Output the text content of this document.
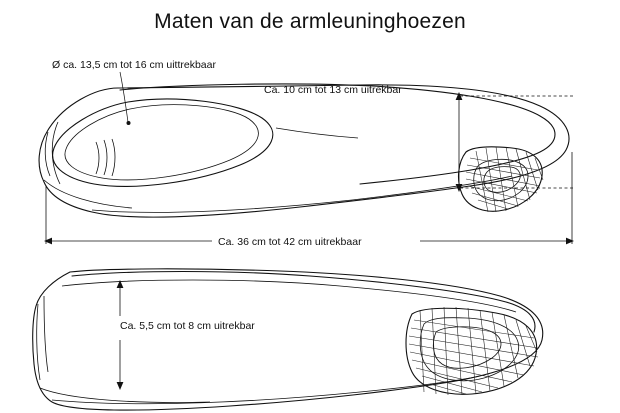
Maten van de armleuninghoezen
Ø ca. 13,5 cm tot 16 cm uittrekbaar
Ca. 10 cm tot 13 cm uitrekbar
Ca. 36 cm tot 42 cm uitrekbaar
Ca. 5,5 cm tot 8 cm uitrekbar
